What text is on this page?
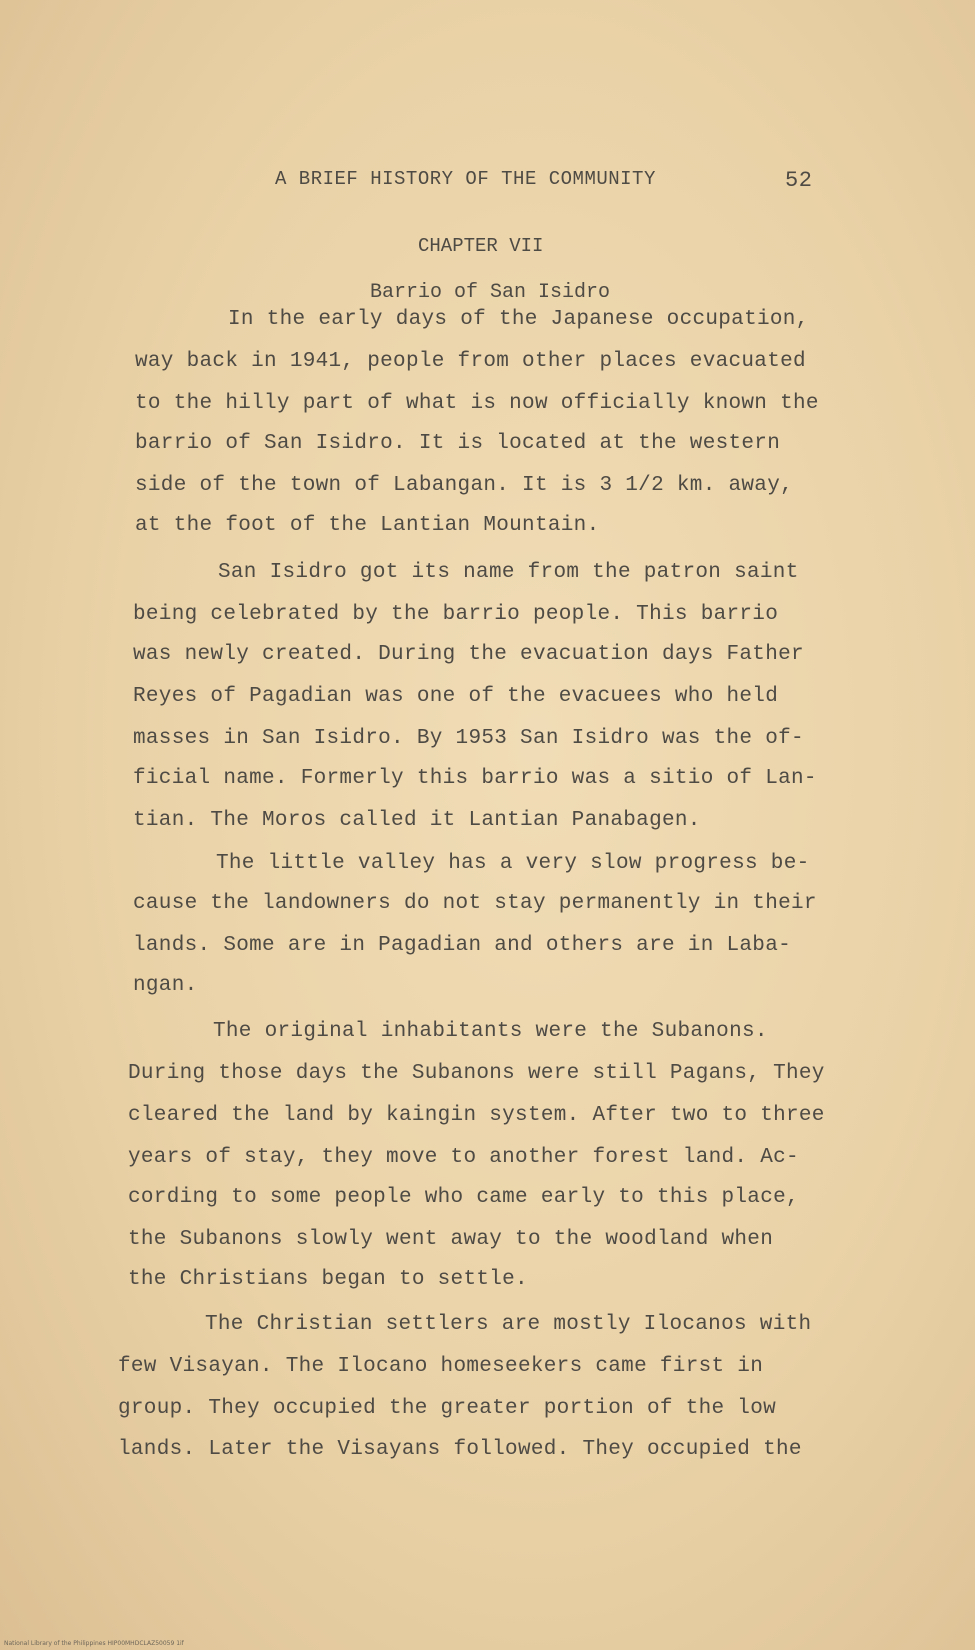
A BRIEF HISTORY OF THE COMMUNITY	52
CHAPTER VII
Barrio of San Isidro
In the early days of the Japanese occupation,
way back in 1941, people from other places evacuated
to the hilly part of what is now officially known the
barrio of San Isidro. It is located at the western
side of the town of Labangan. It is 3 1/2 km. away,
at the foot of the Lantian Mountain.
San Isidro got its name from the patron saint
being celebrated by the barrio people. This barrio
was newly created. During the evacuation days Father
Reyes of Pagadian was one of the evacuees who held
masses in San Isidro. By 1953 San Isidro was the of-
ficial name. Formerly this barrio was a sitio of Lan-
tian. The Moros called it Lantian Panabagen.
The little valley has a very slow progress be-
cause the landowners do not stay permanently in their
lands. Some are in Pagadian and others are in Laba-
ngan.
The original inhabitants were the Subanons.
During those days the Subanons were still Pagans, They
cleared the land by kaingin system. After two to three
years of stay, they move to another forest land. Ac-
cording to some people who came early to this place,
the Subanons slowly went away to the woodland when
the Christians began to settle.
The Christian settlers are mostly Ilocanos with
few Visayan. The Ilocano homeseekers came first in
group. They occupied the greater portion of the low
lands. Later the Visayans followed. They occupied the
National Library of the Philippines HIP00MHDCLAZ50059 1if
